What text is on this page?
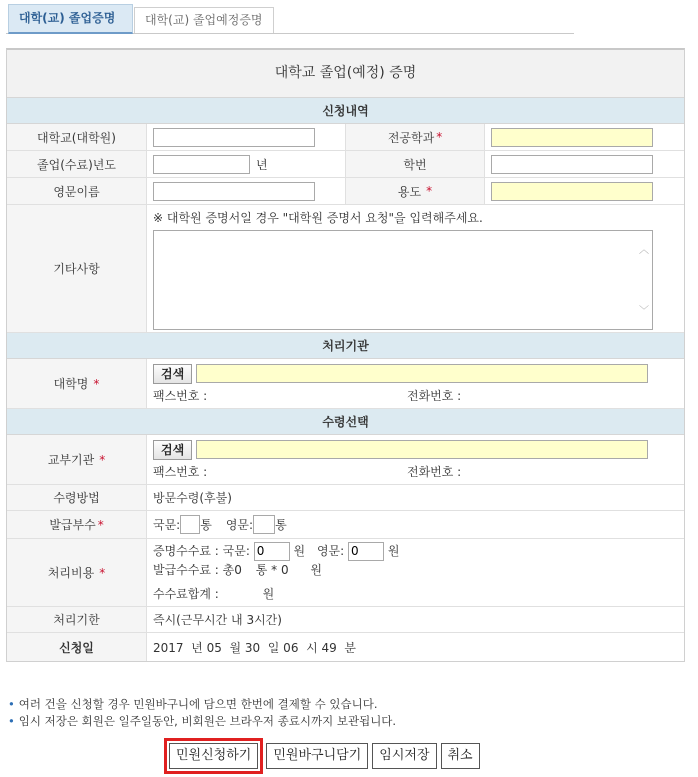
대학(교) 졸업증명	대학(교) 졸업예정증명
대학교 졸업(예정) 증명
신청내역
대학교(대학원)	전공학과 *
졸업(수료)년도	년	학번
영문이름	용도 *
기타사항
※ 대학원 증명서일 경우 "대학원 증명서 요청"을 입력해주세요.
︿
﹀
처리기관
대학명 *
검색
팩스번호 :	전화번호 :
수령선택
교부기관 *
검색
팩스번호 :	전화번호 :
수령방법	방문수령(후불)
발급부수 *	국문: 통 영문: 통
처리비용 *
증명수수료 : 국문: 0	원 영문: 0	원
발급수수료 : 총0 통 * 0 원
수수료합계 :	원
처리기한	즉시(근무시간 내 3시간)
신청일	2017  년 05  월 30  일 06  시 49  분
• 여러 건을 신청할 경우 민원바구니에 담으면 한번에 결제할 수 있습니다.
• 임시 저장은 회원은 일주일동안, 비회원은 브라우저 종료시까지 보관됩니다.
민원신청하기	민원바구니담기	임시저장	취소
